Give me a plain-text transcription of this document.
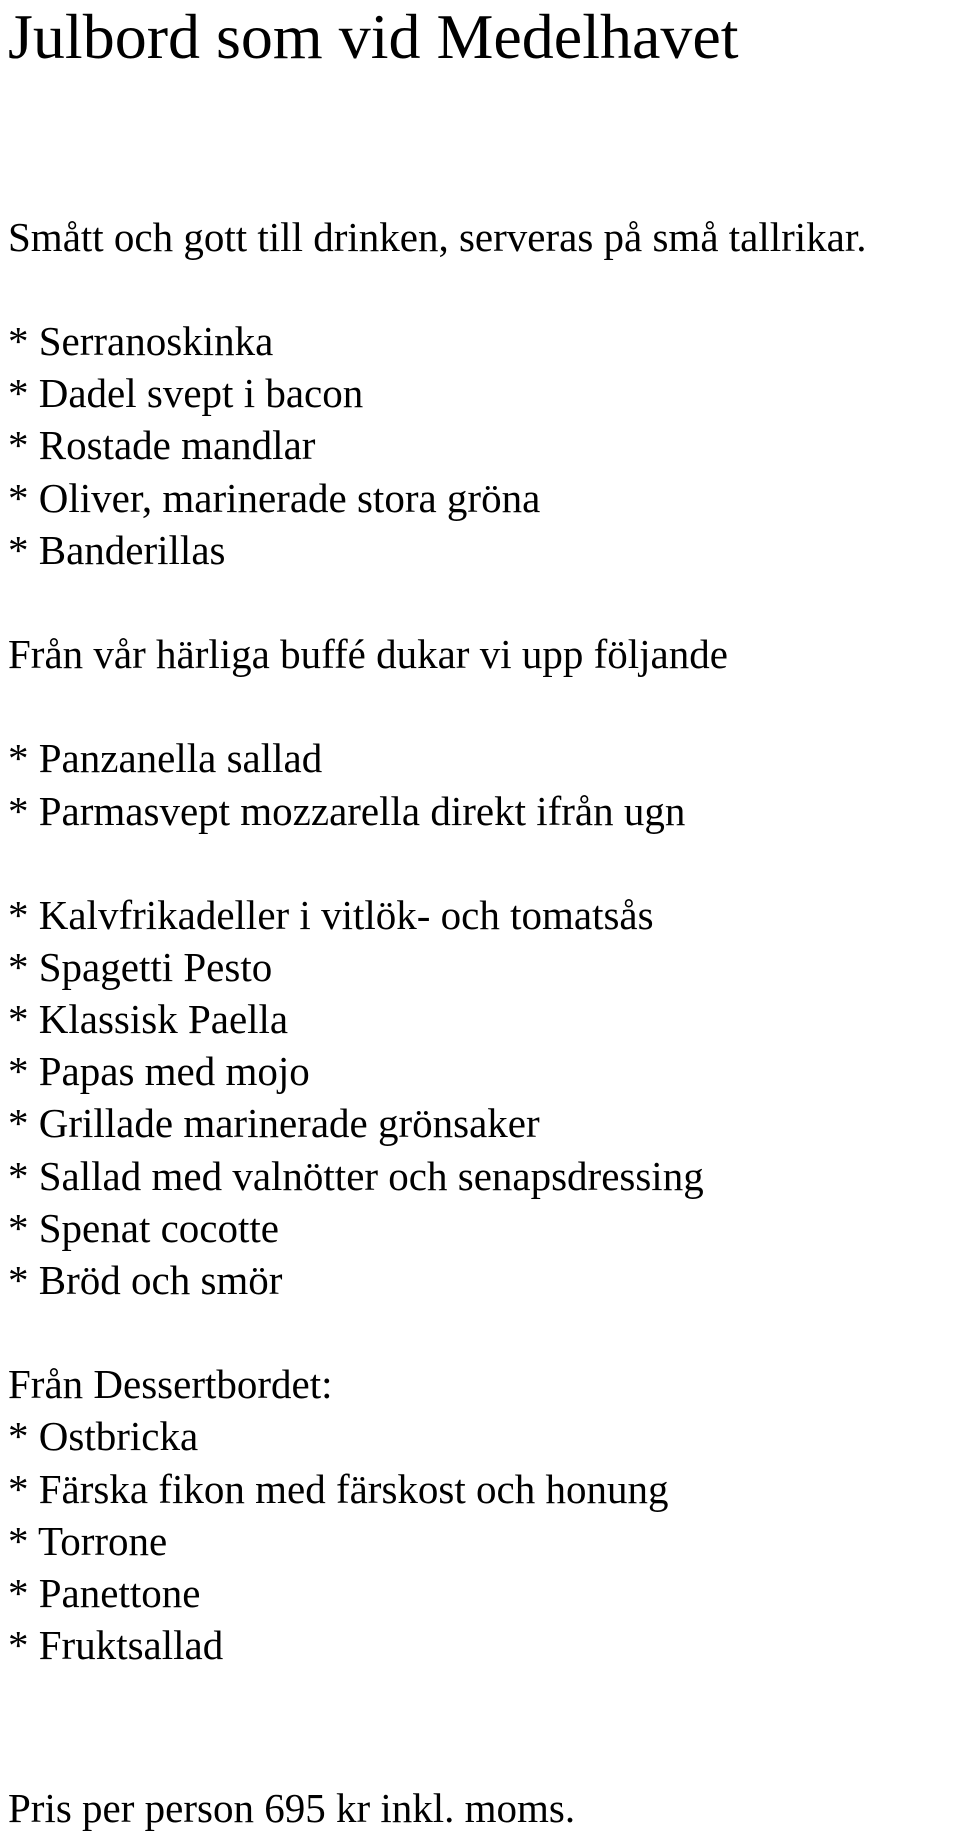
Julbord som vid Medelhavet

Smått och gott till drinken, serveras på små tallrikar.

* Serranoskinka

* Dadel svept i bacon

* Rostade mandlar

* Oliver, marinerade stora gröna

* Banderillas

Från vår härliga buffé dukar vi upp följande

* Panzanella sallad

* Parmasvept mozzarella direkt ifrån ugn

* Kalvfrikadeller i vitlök- och tomatsås

* Spagetti Pesto

* Klassisk Paella

* Papas med mojo

* Grillade marinerade grönsaker

* Sallad med valnötter och senapsdressing

* Spenat cocotte

* Bröd och smör

Från Dessertbordet:

* Ostbricka

* Färska fikon med färskost och honung

* Torrone

* Panettone

* Fruktsallad

Pris per person 695 kr inkl. moms.
